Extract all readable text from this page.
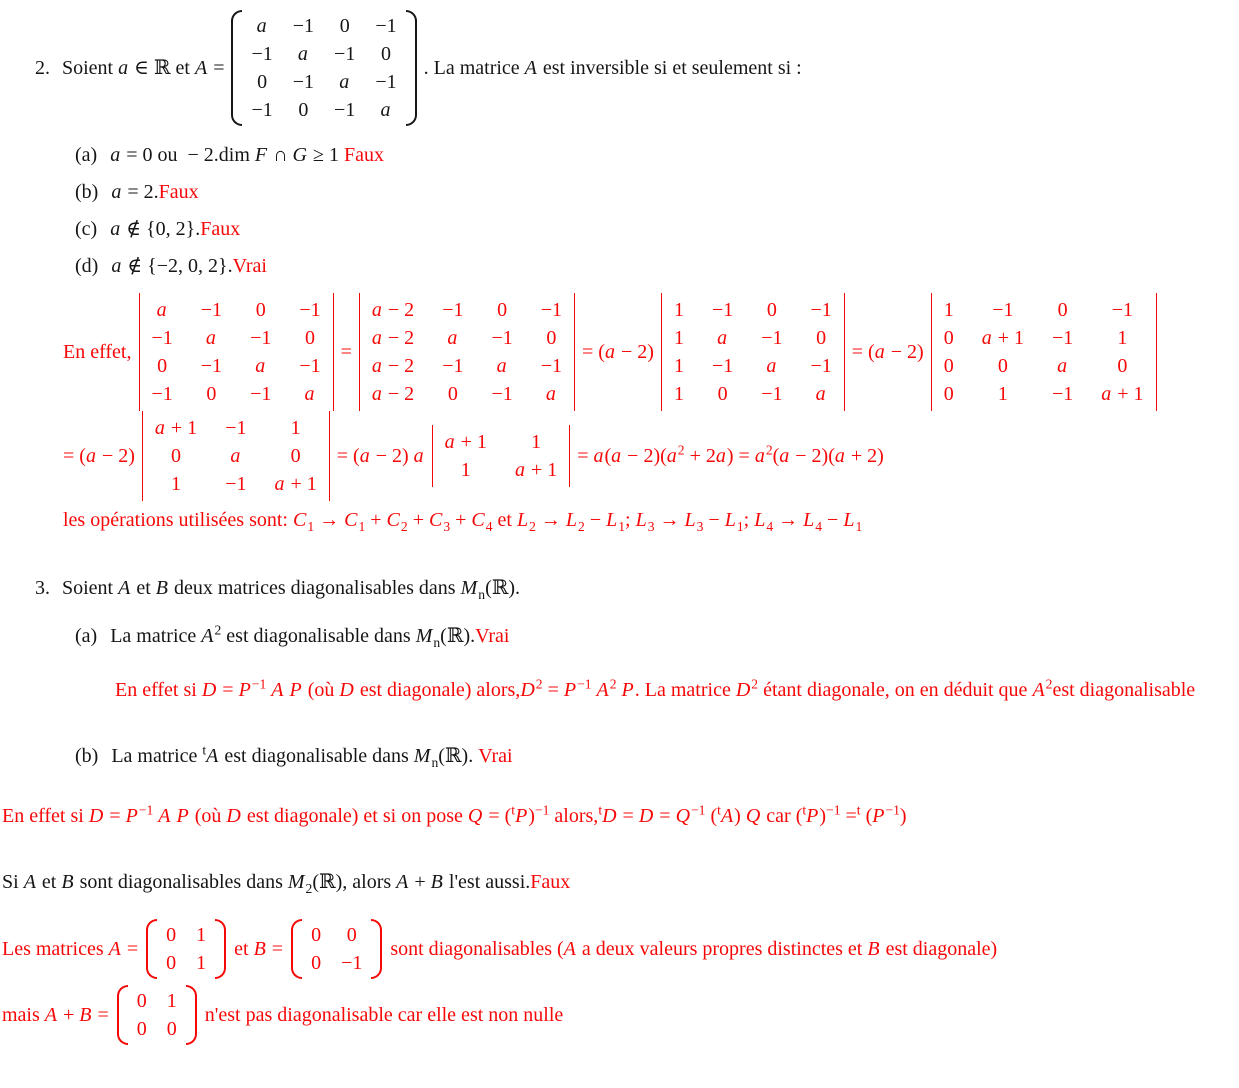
2. Soient a ∈ ℝ et A =
a −1 0 −1
−1 a −1 0
0 −1 a −1
−1 0 −1 a
. La matrice A est inversible si et seulement si :
(a) a = 0 ou  − 2.dim F ∩ G ≥ 1 Faux
(b) a = 2. Faux
(c) a ∉ {0, 2}. Faux
(d) a ∉ {−2, 0, 2}. Vrai
En effet,
a −1 0 −1
−1 a −1 0
0 −1 a −1
−1 0 −1 a
=
a − 2 −1 0 −1
a − 2 a −1 0
a − 2 −1 a −1
a − 2 0 −1 a
= (a − 2)
1 −1 0 −1
1 a −1 0
1 −1 a −1
1 0 −1 a
= (a − 2)
1 −1 0 −1
0 a + 1 −1 1
0 0 a	0
0 1 −1 a + 1
= (a − 2)
a + 1 −1 1
0 a	0
1 −1 a + 1
= (a − 2) a
a + 1 1
1 a + 1
= $a(a - 2)(a^2 + 2a) = a^2(a - 2)(a + 2)$
les opérations utilisées sont: $C_1 \to C_1 + C_2 + C_3 + C_4$ et $L_2 \to L_2 - L_1$; $L_3 \to L_3 - L_1$; $L_4 \to L_4 - L_1$
3. Soient A et B deux matrices diagonalisables dans $M_n(ℝ)$.
(a) La matrice $A^2$ est diagonalisable dans $M_n(ℝ)$. Vrai

En effet si $D = P^{-1}$ A P (où D est diagonale) $alors,D^2 = P^{-1}$ $A^2$ P. La matrice $D^2$ étant diagonale, on en déduit que $A^2est$ diagonalisable

(b) La matrice $^t$A est diagonalisable dans $M_n(ℝ)$. Vrai

En effet si $D = P^{-1}$ A P (où D est diagonale) et si on pose $Q = (^tP)^{-1}$ alors,$^t$D = $D = Q^{-1}$ ($^t$A) Q car $(^tP)^{-1} =^t$ $(P^{-1})$

Si A et B sont diagonalisables dans $M_2(ℝ)$, alors A + B l'est aussi.Faux

Les matrices A =
0 1
0 1
et B =
0 0
0 −1
sont diagonalisables (A a deux valeurs propres distinctes et B est diagonale)
mais A + B =
0 1
0 0
n'est pas diagonalisable car elle est non nulle
